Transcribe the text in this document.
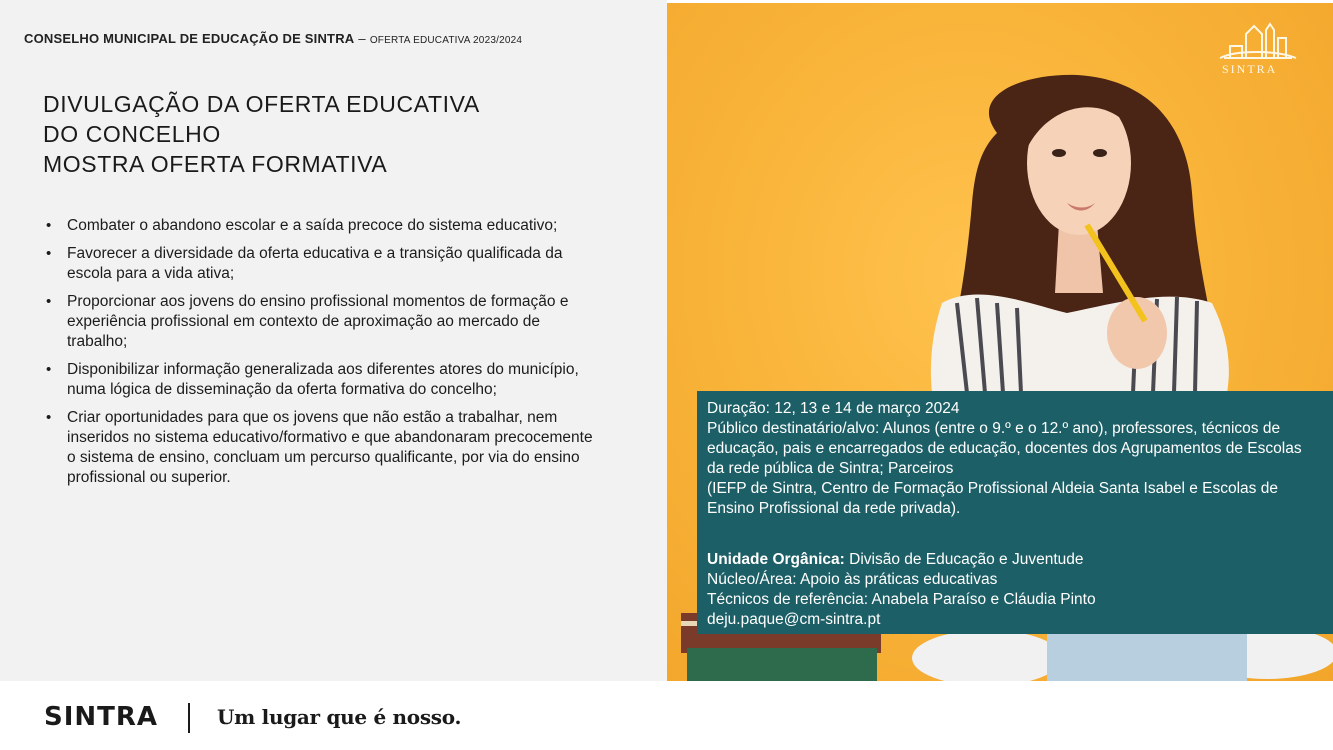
CONSELHO MUNICIPAL DE EDUCAÇÃO DE SINTRA – OFERTA EDUCATIVA 2023/2024
DIVULGAÇÃO DA OFERTA EDUCATIVA
DO CONCELHO
MOSTRA OFERTA FORMATIVA
• Combater o abandono escolar e a saída precoce do sistema educativo;
• Favorecer a diversidade da oferta educativa e a transição qualificada da escola para a vida ativa;
• Proporcionar aos jovens do ensino profissional momentos de formação e experiência profissional em contexto de aproximação ao mercado de trabalho;
• Disponibilizar informação generalizada aos diferentes atores do município, numa lógica de disseminação da oferta formativa do concelho;
• Criar oportunidades para que os jovens que não estão a trabalhar, nem inseridos no sistema educativo/formativo e que abandonaram precocemente o sistema de ensino, concluam um percurso qualificante, por via do ensino profissional ou superior.
SINTRA

Duração: 12, 13 e 14 de março 2024

Público destinatário/alvo: Alunos (entre o 9.º e o 12.º ano), professores, técnicos de educação, pais e encarregados de educação, docentes dos Agrupamentos de Escolas da rede pública de Sintra; Parceiros

(IEFP de Sintra, Centro de Formação Profissional Aldeia Santa Isabel e Escolas de Ensino Profissional da rede privada).

Unidade Orgânica: Divisão de Educação e Juventude

Núcleo/Área: Apoio às práticas educativas

Técnicos de referência: Anabela Paraíso e Cláudia Pinto

deju.paque@cm-sintra.pt

SINTRA	Um lugar que é nosso.
